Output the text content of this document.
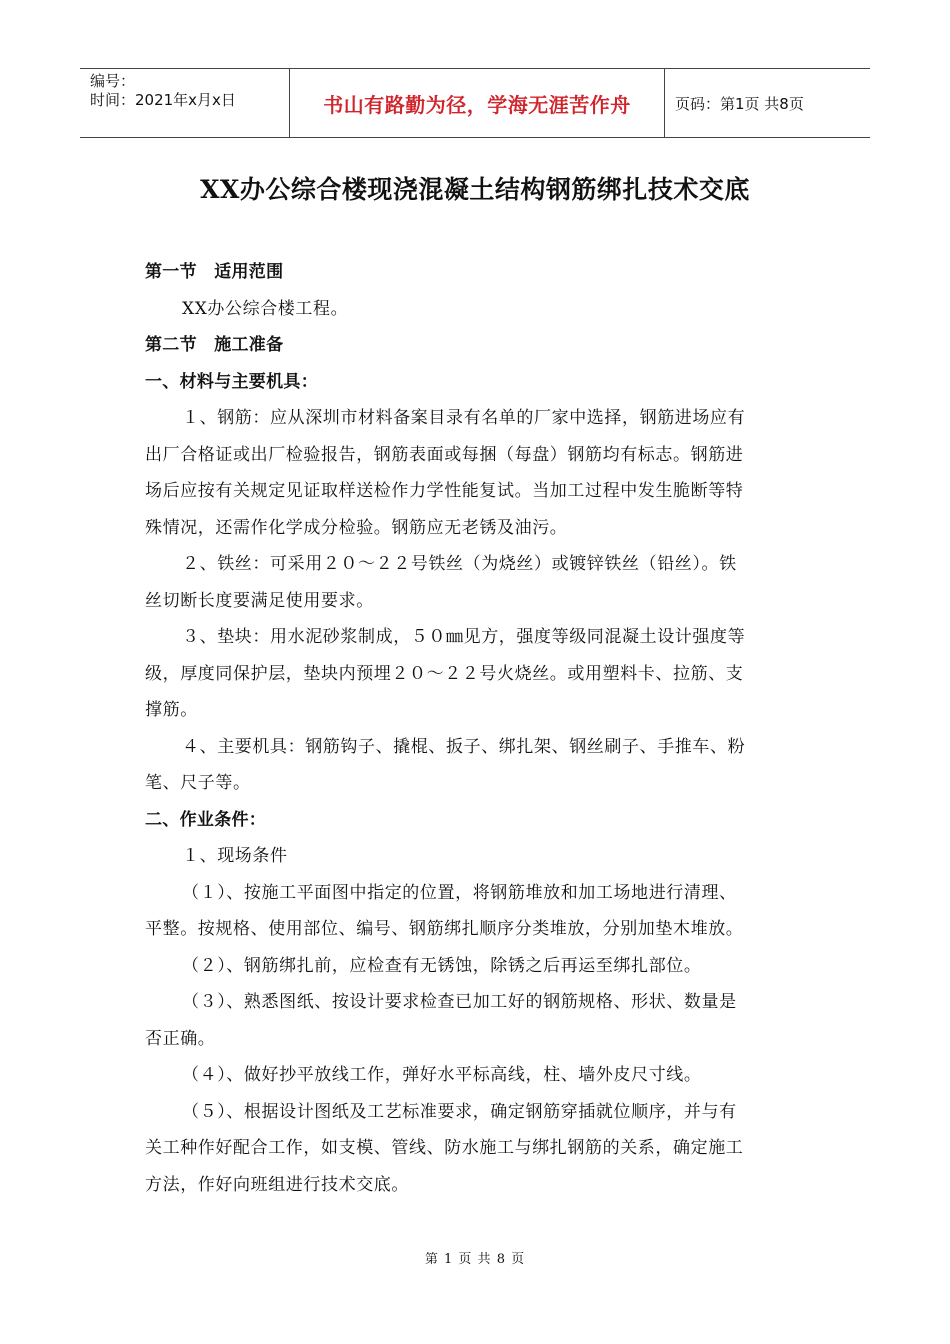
编号：
时间：2021年x月x日	书山有路勤为径，学海无涯苦作舟	页码：第1页 共8页
XX办公综合楼现浇混凝土结构钢筋绑扎技术交底

第一节　适用范围

XX办公综合楼工程。

第二节　施工准备

一、材料与主要机具：

１、钢筋：应从深圳市材料备案目录有名单的厂家中选择，钢筋进场应有

出厂合格证或出厂检验报告，钢筋表面或每捆（每盘）钢筋均有标志。钢筋进

场后应按有关规定见证取样送检作力学性能复试。当加工过程中发生脆断等特

殊情况，还需作化学成分检验。钢筋应无老锈及油污。

２、铁丝：可采用２０～２２号铁丝（为烧丝）或镀锌铁丝（铅丝）。铁

丝切断长度要满足使用要求。

３、垫块：用水泥砂浆制成，５０㎜见方，强度等级同混凝土设计强度等

级，厚度同保护层，垫块内预埋２０～２２号火烧丝。或用塑料卡、拉筋、支

撑筋。

４、主要机具：钢筋钩子、撬棍、扳子、绑扎架、钢丝刷子、手推车、粉

笔、尺子等。

二、作业条件：

１、现场条件

（１）、按施工平面图中指定的位置，将钢筋堆放和加工场地进行清理、

平整。按规格、使用部位、编号、钢筋绑扎顺序分类堆放，分别加垫木堆放。

（２）、钢筋绑扎前，应检查有无锈蚀，除锈之后再运至绑扎部位。

（３）、熟悉图纸、按设计要求检查已加工好的钢筋规格、形状、数量是

否正确。

（４）、做好抄平放线工作，弹好水平标高线，柱、墙外皮尺寸线。

（５）、根据设计图纸及工艺标准要求，确定钢筋穿插就位顺序，并与有

关工种作好配合工作，如支模、管线、防水施工与绑扎钢筋的关系，确定施工

方法，作好向班组进行技术交底。

第 1 页 共 8 页
